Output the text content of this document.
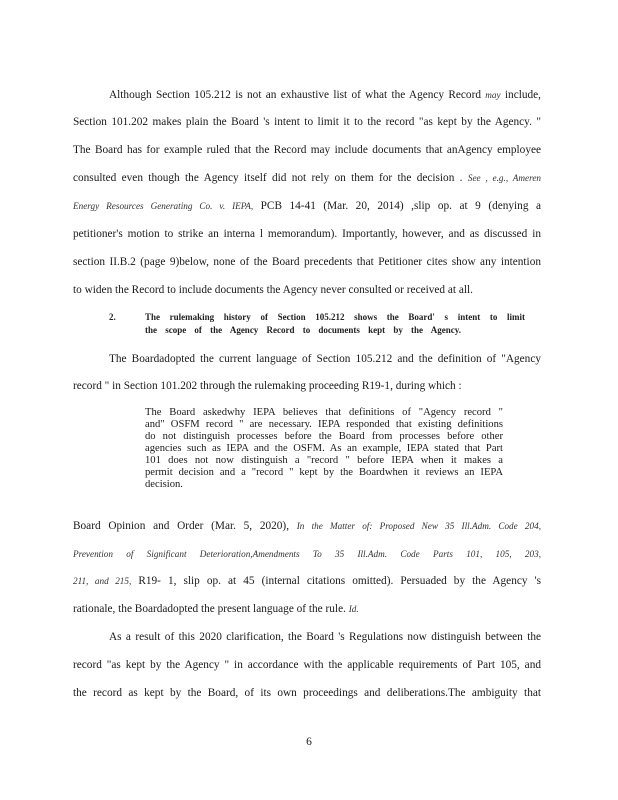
Although Section 105.212 is not an exhaustive list of what the Agency Record may include,
Section 101.202 makes plain the Board 's intent to limit it to the record "as kept by the Agency. "
The Board has for example ruled that the Record may include documents that anAgency employee
consulted even though the Agency itself did not rely on them for the decision . See , e.g., Ameren
Energy Resources Generating Co. v. IEPA, PCB 14-41 (Mar. 20, 2014) ,slip op. at 9 (denying a
petitioner's motion to strike an interna l memorandum). Importantly, however, and as discussed in
section II.B.2 (page 9)below, none of the Board precedents that Petitioner cites show any intention
to widen the Record to include documents the Agency never consulted or received at all.
2.	The rulemaking history of Section 105.212 shows the Board' s intent to limit
the scope of the Agency Record to documents kept by the Agency.
The Boardadopted the current language of Section 105.212 and the definition of "Agency
record " in Section 101.202 through the rulemaking proceeding R19-1, during which :
The Board askedwhy IEPA believes that definitions of "Agency record "
and" OSFM record " are necessary. IEPA responded that existing definitions
do not distinguish processes before the Board from processes before other
agencies such as IEPA and the OSFM. As an example, IEPA stated that Part
101 does not now distinguish a "record " before IEPA when it makes a
permit decision and a "record " kept by the Boardwhen it reviews an IEPA
decision.
Board Opinion and Order (Mar. 5, 2020), In the Matter of: Proposed New 35 Ill.Adm. Code 204,
Prevention of Significant Deterioration,Amendments To 35 Ill.Adm. Code Parts 101, 105, 203,
211, and 215, R19- 1, slip op. at 45 (internal citations omitted). Persuaded by the Agency 's
rationale, the Boardadopted the present language of the rule. Id.
As a result of this 2020 clarification, the Board 's Regulations now distinguish between the
record "as kept by the Agency " in accordance with the applicable requirements of Part 105, and
the record as kept by the Board, of its own proceedings and deliberations.The ambiguity that
6
